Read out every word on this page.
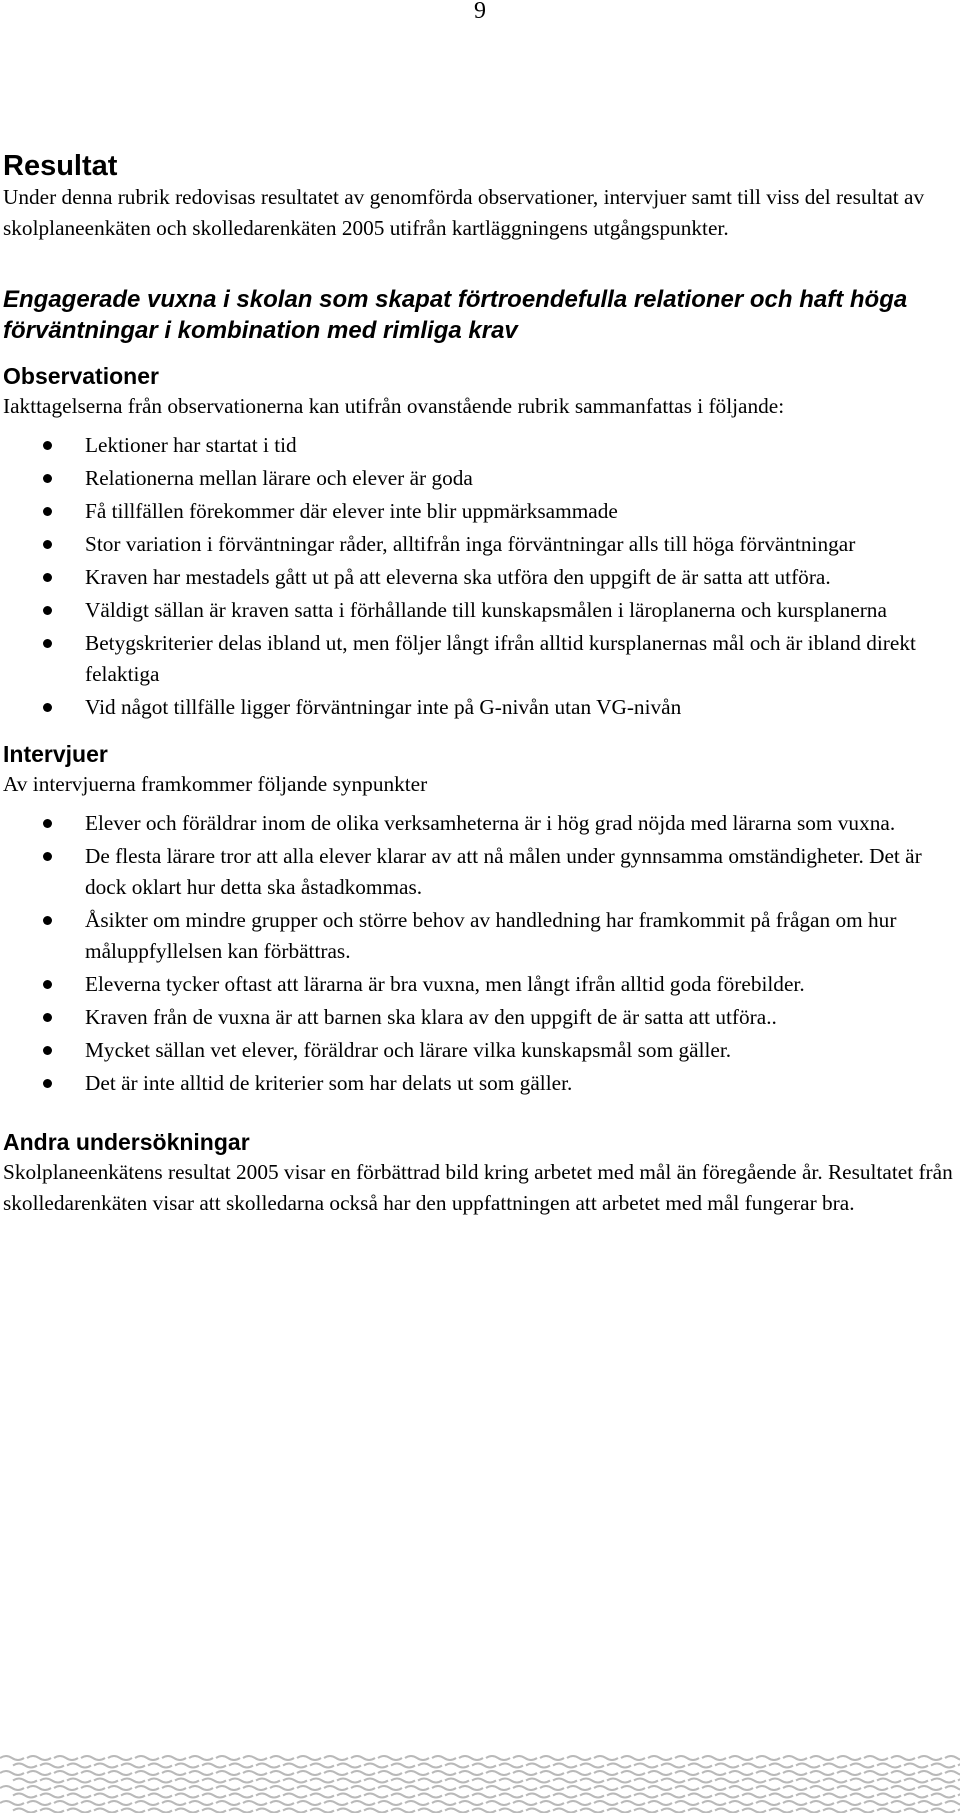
9
Resultat

Under denna rubrik redovisas resultatet av genomförda observationer, intervjuer samt till viss del resultat av skolplaneenkäten och skolledarenkäten 2005 utifrån kartläggningens utgångspunkter.

Engagerade vuxna i skolan som skapat förtroendefulla relationer och haft höga förväntningar i kombination med rimliga krav
Observationer

Iakttagelserna från observationerna kan utifrån ovanstående rubrik sammanfattas i följande:

Lektioner har startat i tid
Relationerna mellan lärare och elever är goda
Få tillfällen förekommer där elever inte blir uppmärksammade
Stor variation i förväntningar råder, alltifrån inga förväntningar alls till höga förväntningar
Kraven har mestadels gått ut på att eleverna ska utföra den uppgift de är satta att utföra.
Väldigt sällan är kraven satta i förhållande till kunskapsmålen i läroplanerna och kursplanerna
Betygskriterier delas ibland ut, men följer långt ifrån alltid kursplanernas mål och är ibland direkt felaktiga
Vid något tillfälle ligger förväntningar inte på G-nivån utan VG-nivån
Intervjuer

Av intervjuerna framkommer följande synpunkter

Elever och föräldrar inom de olika verksamheterna är i hög grad nöjda med lärarna som vuxna.
De flesta lärare tror att alla elever klarar av att nå målen under gynnsamma omständigheter. Det är dock oklart hur detta ska åstadkommas.
Åsikter om mindre grupper och större behov av handledning har framkommit på frågan om hur måluppfyllelsen kan förbättras.
Eleverna tycker oftast att lärarna är bra vuxna, men långt ifrån alltid goda förebilder.
Kraven från de vuxna är att barnen ska klara av den uppgift de är satta att utföra..
Mycket sällan vet elever, föräldrar och lärare vilka kunskapsmål som gäller.
Det är inte alltid de kriterier som har delats ut som gäller.
Andra undersökningar

Skolplaneenkätens resultat 2005 visar en förbättrad bild kring arbetet med mål än föregående år. Resultatet från skolledarenkäten visar att skolledarna också har den uppfattningen att arbetet med mål fungerar bra.
